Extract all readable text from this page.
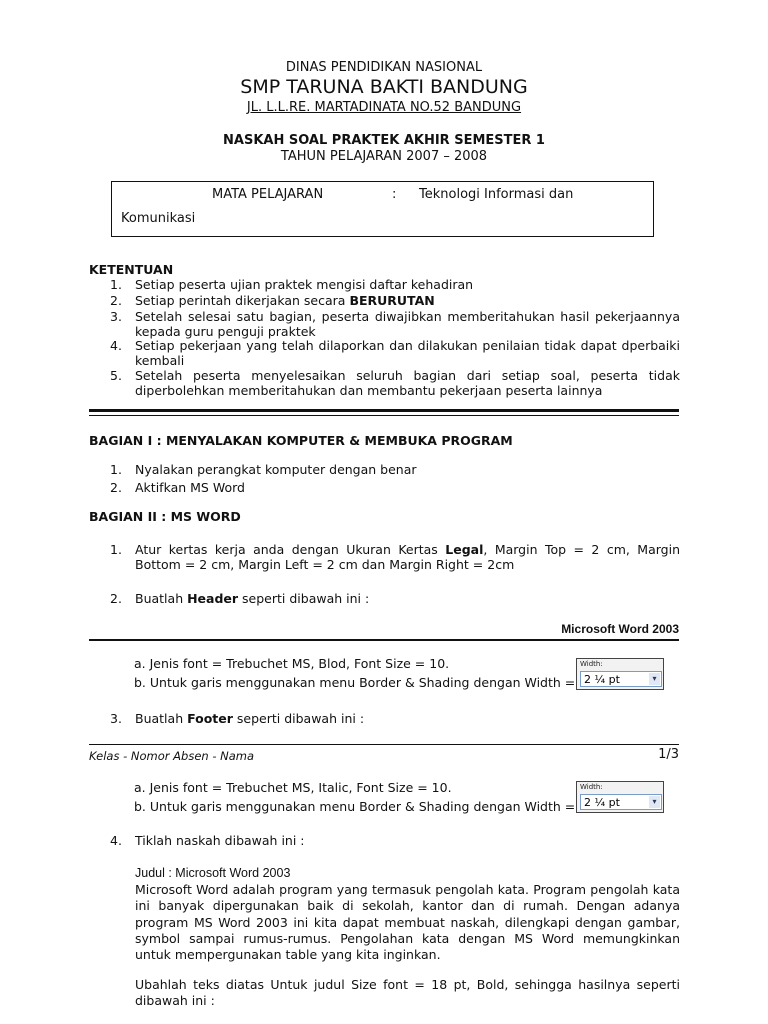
DINAS PENDIDIKAN NASIONAL
SMP TARUNA BAKTI BANDUNG
JL. L.L.RE. MARTADINATA NO.52 BANDUNG
NASKAH SOAL PRAKTEK AKHIR SEMESTER 1
TAHUN PELAJARAN 2007 – 2008
MATA PELAJARAN	: Teknologi Informasi dan
Komunikasi
KETENTUAN
1.	Setiap peserta ujian praktek mengisi daftar kehadiran
2.	Setiap perintah dikerjakan secara BERURUTAN
3.	Setelah selesai satu bagian, peserta diwajibkan memberitahukan hasil pekerjaannya kepada guru penguji praktek
4.	Setiap pekerjaan yang telah dilaporkan dan dilakukan penilaian tidak dapat dperbaiki kembali
5.	Setelah peserta menyelesaikan seluruh bagian dari setiap soal, peserta tidak diperbolehkan memberitahukan dan membantu pekerjaan peserta lainnya
BAGIAN I : MENYALAKAN KOMPUTER & MEMBUKA PROGRAM
1.	Nyalakan perangkat komputer dengan benar
2.	Aktifkan MS Word
BAGIAN II : MS WORD
1.	Atur kertas kerja anda dengan Ukuran Kertas Legal, Margin Top = 2 cm, Margin Bottom = 2 cm, Margin Left = 2 cm dan Margin Right = 2cm
2.	Buatlah Header seperti dibawah ini :
Microsoft Word 2003
a. Jenis font = Trebuchet MS, Blod, Font Size = 10.
b. Untuk garis menggunakan menu Border & Shading dengan Width =
Width:
2 ¼ pt	▾
3.	Buatlah Footer seperti dibawah ini :
Kelas - Nomor Absen - Nama	1/3
a. Jenis font = Trebuchet MS, Italic, Font Size = 10.
b. Untuk garis menggunakan menu Border & Shading dengan Width =
Width:
2 ¼ pt	▾
4.	Tiklah naskah dibawah ini :
Judul : Microsoft Word 2003
Microsoft Word adalah program yang termasuk pengolah kata. Program pengolah kata ini banyak dipergunakan baik di sekolah, kantor dan di rumah. Dengan adanya program MS Word 2003 ini kita dapat membuat naskah, dilengkapi dengan gambar, symbol sampai rumus-rumus. Pengolahan kata dengan MS Word memungkinkan untuk mempergunakan table yang kita inginkan.
Ubahlah teks diatas Untuk judul Size font = 18 pt, Bold, sehingga hasilnya seperti dibawah ini :
